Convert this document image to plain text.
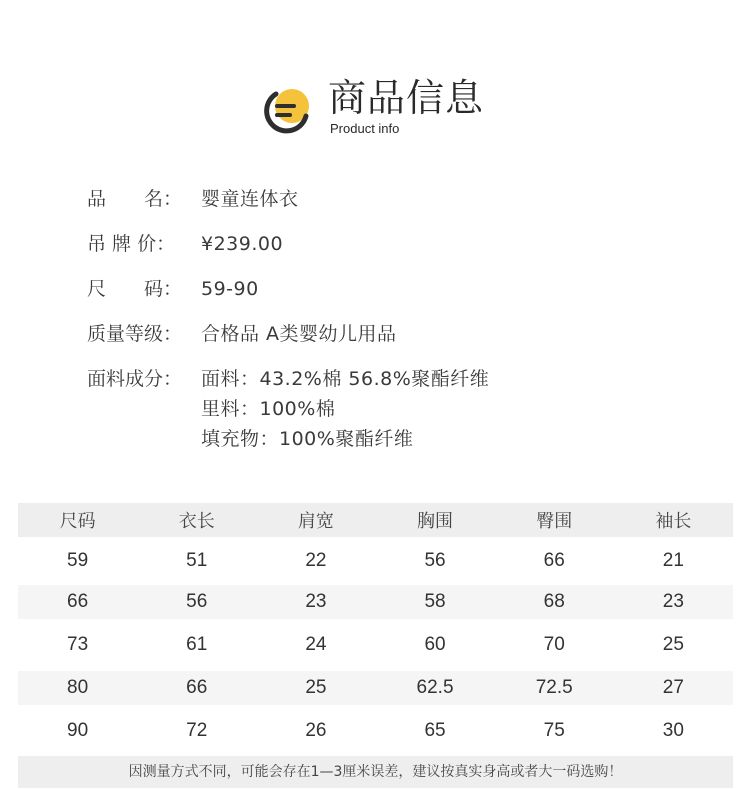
商品信息
Product info
品　　名： 婴童连体衣
吊 牌 价：	¥239.00
尺　　码： 59-90
质量等级： 合格品 A类婴幼儿用品
面料成分： 面料：43.2%棉 56.8%聚酯纤维
里料：100%棉
填充物：100%聚酯纤维
尺码	衣长	肩宽	胸围	臀围	袖长
59	51	22	56	66	21
66	56	23	58	68	23
73	61	24	60	70	25
80	66	25	62.5	72.5	27
90	72	26	65	75	30
因测量方式不同，可能会存在1—3厘米误差，建议按真实身高或者大一码选购！
